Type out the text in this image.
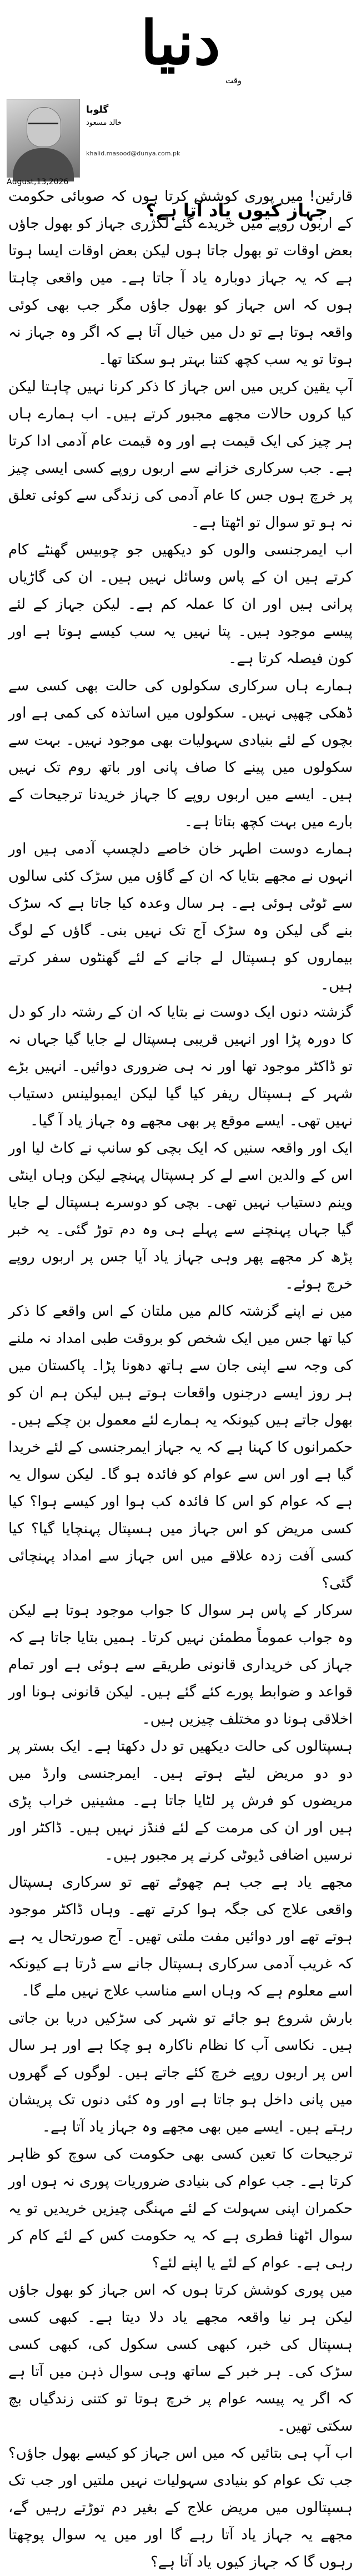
دنیا
وقت
گلوبا
خالد مسعود
khalid.masood@dunya.com.pk
August,13,2026
جہاز کیوں یاد آتا ہے؟

قارئین! میں پوری کوشش کرتا ہوں کہ صوبائی حکومت کے اربوں روپے میں خریدے گئے لگژری جہاز کو بھول جاؤں بعض اوقات تو بھول جاتا ہوں لیکن بعض اوقات ایسا ہوتا ہے کہ یہ جہاز دوبارہ یاد آ جاتا ہے۔ میں واقعی چاہتا ہوں کہ اس جہاز کو بھول جاؤں مگر جب بھی کوئی واقعہ ہوتا ہے تو دل میں خیال آتا ہے کہ اگر وہ جہاز نہ ہوتا تو یہ سب کچھ کتنا بہتر ہو سکتا تھا۔

آپ یقین کریں میں اس جہاز کا ذکر کرنا نہیں چاہتا لیکن کیا کروں حالات مجھے مجبور کرتے ہیں۔ اب ہمارے ہاں ہر چیز کی ایک قیمت ہے اور وہ قیمت عام آدمی ادا کرتا ہے۔ جب سرکاری خزانے سے اربوں روپے کسی ایسی چیز پر خرچ ہوں جس کا عام آدمی کی زندگی سے کوئی تعلق نہ ہو تو سوال تو اٹھتا ہے۔

اب ایمرجنسی والوں کو دیکھیں جو چوبیس گھنٹے کام کرتے ہیں ان کے پاس وسائل نہیں ہیں۔ ان کی گاڑیاں پرانی ہیں اور ان کا عملہ کم ہے۔ لیکن جہاز کے لئے پیسے موجود ہیں۔ پتا نہیں یہ سب کیسے ہوتا ہے اور کون فیصلہ کرتا ہے۔

ہمارے ہاں سرکاری سکولوں کی حالت بھی کسی سے ڈھکی چھپی نہیں۔ سکولوں میں اساتذہ کی کمی ہے اور بچوں کے لئے بنیادی سہولیات بھی موجود نہیں۔ بہت سے سکولوں میں پینے کا صاف پانی اور باتھ روم تک نہیں ہیں۔ ایسے میں اربوں روپے کا جہاز خریدنا ترجیحات کے بارے میں بہت کچھ بتاتا ہے۔

ہمارے دوست اطہر خان خاصے دلچسپ آدمی ہیں اور انہوں نے مجھے بتایا کہ ان کے گاؤں میں سڑک کئی سالوں سے ٹوٹی ہوئی ہے۔ ہر سال وعدہ کیا جاتا ہے کہ سڑک بنے گی لیکن وہ سڑک آج تک نہیں بنی۔ گاؤں کے لوگ بیماروں کو ہسپتال لے جانے کے لئے گھنٹوں سفر کرتے ہیں۔

گزشتہ دنوں ایک دوست نے بتایا کہ ان کے رشتہ دار کو دل کا دورہ پڑا اور انہیں قریبی ہسپتال لے جایا گیا جہاں نہ تو ڈاکٹر موجود تھا اور نہ ہی ضروری دوائیں۔ انہیں بڑے شہر کے ہسپتال ریفر کیا گیا لیکن ایمبولینس دستیاب نہیں تھی۔ ایسے موقع پر بھی مجھے وہ جہاز یاد آ گیا۔

ایک اور واقعہ سنیں کہ ایک بچی کو سانپ نے کاٹ لیا اور اس کے والدین اسے لے کر ہسپتال پہنچے لیکن وہاں اینٹی وینم دستیاب نہیں تھی۔ بچی کو دوسرے ہسپتال لے جایا گیا جہاں پہنچنے سے پہلے ہی وہ دم توڑ گئی۔ یہ خبر پڑھ کر مجھے پھر وہی جہاز یاد آیا جس پر اربوں روپے خرچ ہوئے۔

میں نے اپنے گزشتہ کالم میں ملتان کے اس واقعے کا ذکر کیا تھا جس میں ایک شخص کو بروقت طبی امداد نہ ملنے کی وجہ سے اپنی جان سے ہاتھ دھونا پڑا۔ پاکستان میں ہر روز ایسے درجنوں واقعات ہوتے ہیں لیکن ہم ان کو بھول جاتے ہیں کیونکہ یہ ہمارے لئے معمول بن چکے ہیں۔

حکمرانوں کا کہنا ہے کہ یہ جہاز ایمرجنسی کے لئے خریدا گیا ہے اور اس سے عوام کو فائدہ ہو گا۔ لیکن سوال یہ ہے کہ عوام کو اس کا فائدہ کب ہوا اور کیسے ہوا؟ کیا کسی مریض کو اس جہاز میں ہسپتال پہنچایا گیا؟ کیا کسی آفت زدہ علاقے میں اس جہاز سے امداد پہنچائی گئی؟

سرکار کے پاس ہر سوال کا جواب موجود ہوتا ہے لیکن وہ جواب عموماً مطمئن نہیں کرتا۔ ہمیں بتایا جاتا ہے کہ جہاز کی خریداری قانونی طریقے سے ہوئی ہے اور تمام قواعد و ضوابط پورے کئے گئے ہیں۔ لیکن قانونی ہونا اور اخلاقی ہونا دو مختلف چیزیں ہیں۔

ہسپتالوں کی حالت دیکھیں تو دل دکھتا ہے۔ ایک بستر پر دو دو مریض لیٹے ہوتے ہیں۔ ایمرجنسی وارڈ میں مریضوں کو فرش پر لٹایا جاتا ہے۔ مشینیں خراب پڑی ہیں اور ان کی مرمت کے لئے فنڈز نہیں ہیں۔ ڈاکٹر اور نرسیں اضافی ڈیوٹی کرنے پر مجبور ہیں۔

مجھے یاد ہے جب ہم چھوٹے تھے تو سرکاری ہسپتال واقعی علاج کی جگہ ہوا کرتے تھے۔ وہاں ڈاکٹر موجود ہوتے تھے اور دوائیں مفت ملتی تھیں۔ آج صورتحال یہ ہے کہ غریب آدمی سرکاری ہسپتال جانے سے ڈرتا ہے کیونکہ اسے معلوم ہے کہ وہاں اسے مناسب علاج نہیں ملے گا۔

بارش شروع ہو جائے تو شہر کی سڑکیں دریا بن جاتی ہیں۔ نکاسی آب کا نظام ناکارہ ہو چکا ہے اور ہر سال اس پر اربوں روپے خرچ کئے جاتے ہیں۔ لوگوں کے گھروں میں پانی داخل ہو جاتا ہے اور وہ کئی دنوں تک پریشان رہتے ہیں۔ ایسے میں بھی مجھے وہ جہاز یاد آتا ہے۔

ترجیحات کا تعین کسی بھی حکومت کی سوچ کو ظاہر کرتا ہے۔ جب عوام کی بنیادی ضروریات پوری نہ ہوں اور حکمران اپنی سہولت کے لئے مہنگی چیزیں خریدیں تو یہ سوال اٹھنا فطری ہے کہ یہ حکومت کس کے لئے کام کر رہی ہے۔ عوام کے لئے یا اپنے لئے؟

میں پوری کوشش کرتا ہوں کہ اس جہاز کو بھول جاؤں لیکن ہر نیا واقعہ مجھے یاد دلا دیتا ہے۔ کبھی کسی ہسپتال کی خبر، کبھی کسی سکول کی، کبھی کسی سڑک کی۔ ہر خبر کے ساتھ وہی سوال ذہن میں آتا ہے کہ اگر یہ پیسہ عوام پر خرچ ہوتا تو کتنی زندگیاں بچ سکتی تھیں۔

اب آپ ہی بتائیں کہ میں اس جہاز کو کیسے بھول جاؤں؟ جب تک عوام کو بنیادی سہولیات نہیں ملتیں اور جب تک ہسپتالوں میں مریض علاج کے بغیر دم توڑتے رہیں گے، مجھے یہ جہاز یاد آتا رہے گا اور میں یہ سوال پوچھتا رہوں گا کہ جہاز کیوں یاد آتا ہے؟
